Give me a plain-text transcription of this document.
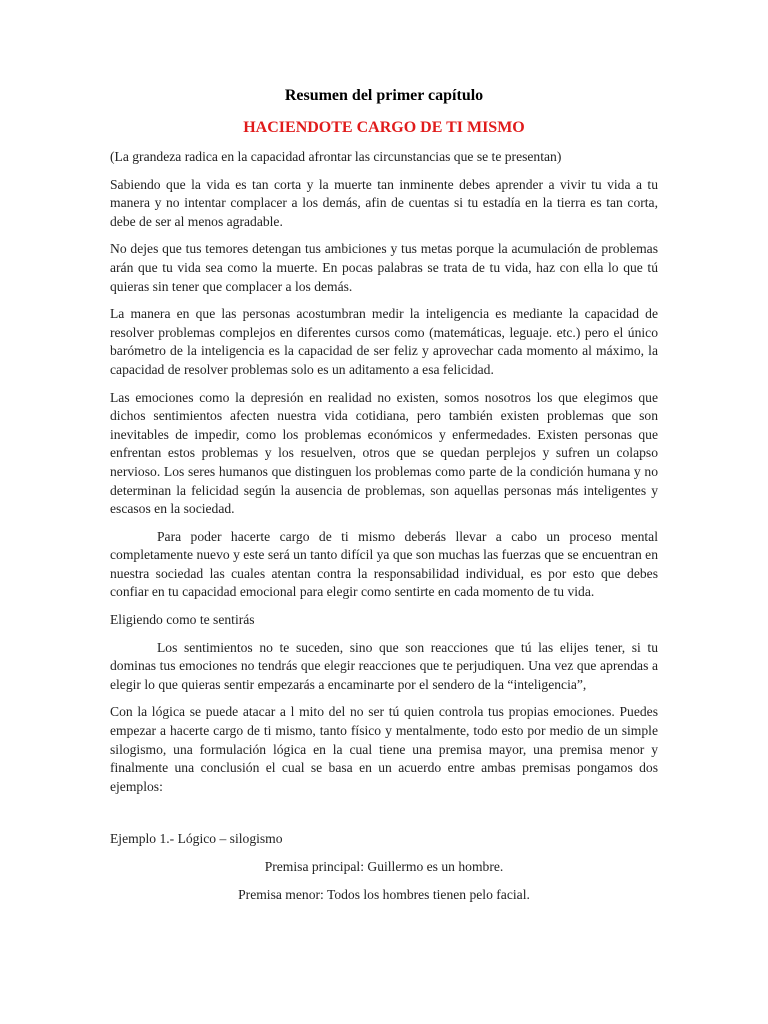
Resumen del primer capítulo
HACIENDOTE CARGO DE TI MISMO
(La grandeza radica en la capacidad afrontar las circunstancias que se te presentan)
Sabiendo que la vida es tan corta y la muerte tan inminente debes aprender a vivir tu vida a tu manera y no intentar complacer a los demás, afin de cuentas si tu estadía en la tierra es tan corta, debe de ser al menos agradable.
No dejes que tus temores detengan tus ambiciones y tus metas porque la acumulación de problemas arán que tu vida sea como la muerte. En pocas palabras se trata de tu vida, haz con ella lo que tú quieras sin tener que complacer a los demás.
La manera en que las personas acostumbran medir la inteligencia es mediante la capacidad de resolver problemas complejos en diferentes cursos como (matemáticas, leguaje. etc.) pero el único barómetro de la inteligencia es la capacidad de ser feliz y aprovechar cada momento al máximo, la capacidad de resolver problemas solo es un aditamento a esa felicidad.
Las emociones como la depresión en realidad no existen, somos nosotros los que elegimos que dichos sentimientos afecten nuestra vida cotidiana, pero también existen problemas que son inevitables de impedir, como los problemas económicos y enfermedades. Existen personas que enfrentan estos problemas y los resuelven, otros que se quedan perplejos y sufren un colapso nervioso. Los seres humanos que distinguen los problemas como parte de la condición humana y no determinan la felicidad según la ausencia de problemas, son aquellas personas más inteligentes y escasos en la sociedad.
Para poder hacerte cargo de ti mismo deberás llevar a cabo un proceso mental completamente nuevo y este será un tanto difícil ya que son muchas las fuerzas que se encuentran en nuestra sociedad las cuales atentan contra la responsabilidad individual, es por esto que debes confiar en tu capacidad emocional para elegir como sentirte en cada momento de tu vida.
Eligiendo como te sentirás
Los sentimientos no te suceden, sino que son reacciones que tú las elijes tener, si tu dominas tus emociones no tendrás que elegir reacciones que te perjudiquen. Una vez que aprendas a elegir lo que quieras sentir empezarás a encaminarte por el sendero de la “inteligencia”,
Con la lógica se puede atacar a l mito del no ser tú quien controla tus propias emociones. Puedes empezar a hacerte cargo de ti mismo, tanto físico y mentalmente, todo esto por medio de un simple silogismo, una formulación lógica en la cual tiene una premisa mayor, una premisa menor y finalmente una conclusión el cual se basa en un acuerdo entre ambas premisas pongamos dos ejemplos:
Ejemplo 1.- Lógico – silogismo
Premisa principal: Guillermo es un hombre.
Premisa menor: Todos los hombres tienen pelo facial.
